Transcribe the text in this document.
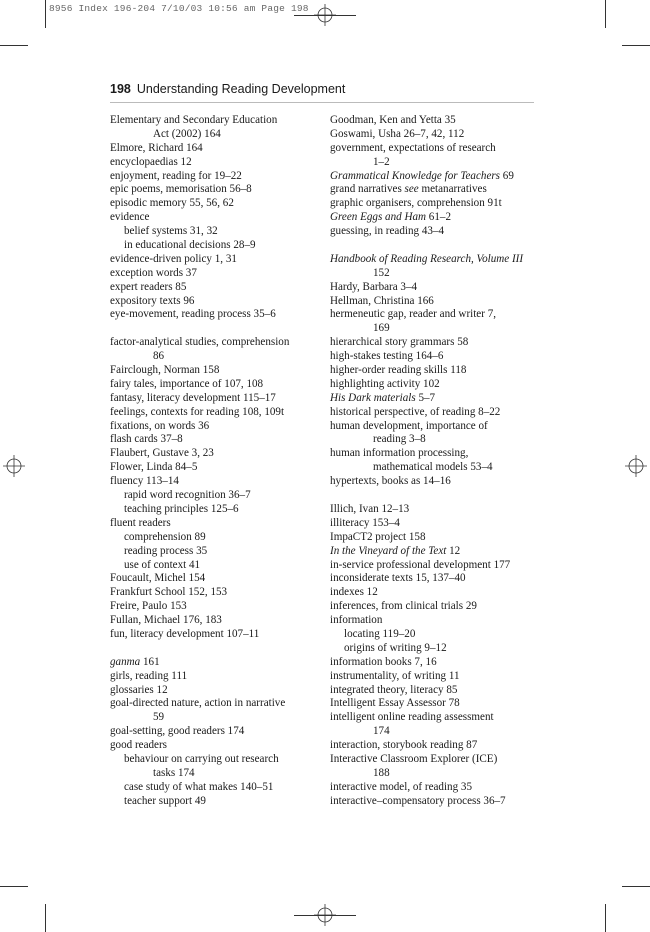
8956 Index 196-204 7/10/03 10:56 am Page 198
198 Understanding Reading Development
Elementary and Secondary Education
Act (2002) 164
Elmore, Richard 164
encyclopaedias 12
enjoyment, reading for 19–22
epic poems, memorisation 56–8
episodic memory 55, 56, 62
evidence
belief systems 31, 32
in educational decisions 28–9
evidence-driven policy 1, 31
exception words 37
expert readers 85
expository texts 96
eye-movement, reading process 35–6
factor-analytical studies, comprehension
86
Fairclough, Norman 158
fairy tales, importance of 107, 108
fantasy, literacy development 115–17
feelings, contexts for reading 108, 109t
fixations, on words 36
flash cards 37–8
Flaubert, Gustave 3, 23
Flower, Linda 84–5
fluency 113–14
rapid word recognition 36–7
teaching principles 125–6
fluent readers
comprehension 89
reading process 35
use of context 41
Foucault, Michel 154
Frankfurt School 152, 153
Freire, Paulo 153
Fullan, Michael 176, 183
fun, literacy development 107–11
ganma 161
girls, reading 111
glossaries 12
goal-directed nature, action in narrative
59
goal-setting, good readers 174
good readers
behaviour on carrying out research
tasks 174
case study of what makes 140–51
teacher support 49
Goodman, Ken and Yetta 35
Goswami, Usha 26–7, 42, 112
government, expectations of research
1–2
Grammatical Knowledge for Teachers 69
grand narratives see metanarratives
graphic organisers, comprehension 91t
Green Eggs and Ham 61–2
guessing, in reading 43–4
Handbook of Reading Research, Volume III
152
Hardy, Barbara 3–4
Hellman, Christina 166
hermeneutic gap, reader and writer 7,
169
hierarchical story grammars 58
high-stakes testing 164–6
higher-order reading skills 118
highlighting activity 102
His Dark materials 5–7
historical perspective, of reading 8–22
human development, importance of
reading 3–8
human information processing,
mathematical models 53–4
hypertexts, books as 14–16
Illich, Ivan 12–13
illiteracy 153–4
ImpaCT2 project 158
In the Vineyard of the Text 12
in-service professional development 177
inconsiderate texts 15, 137–40
indexes 12
inferences, from clinical trials 29
information
locating 119–20
origins of writing 9–12
information books 7, 16
instrumentality, of writing 11
integrated theory, literacy 85
Intelligent Essay Assessor 78
intelligent online reading assessment
174
interaction, storybook reading 87
Interactive Classroom Explorer (ICE)
188
interactive model, of reading 35
interactive–compensatory process 36–7
